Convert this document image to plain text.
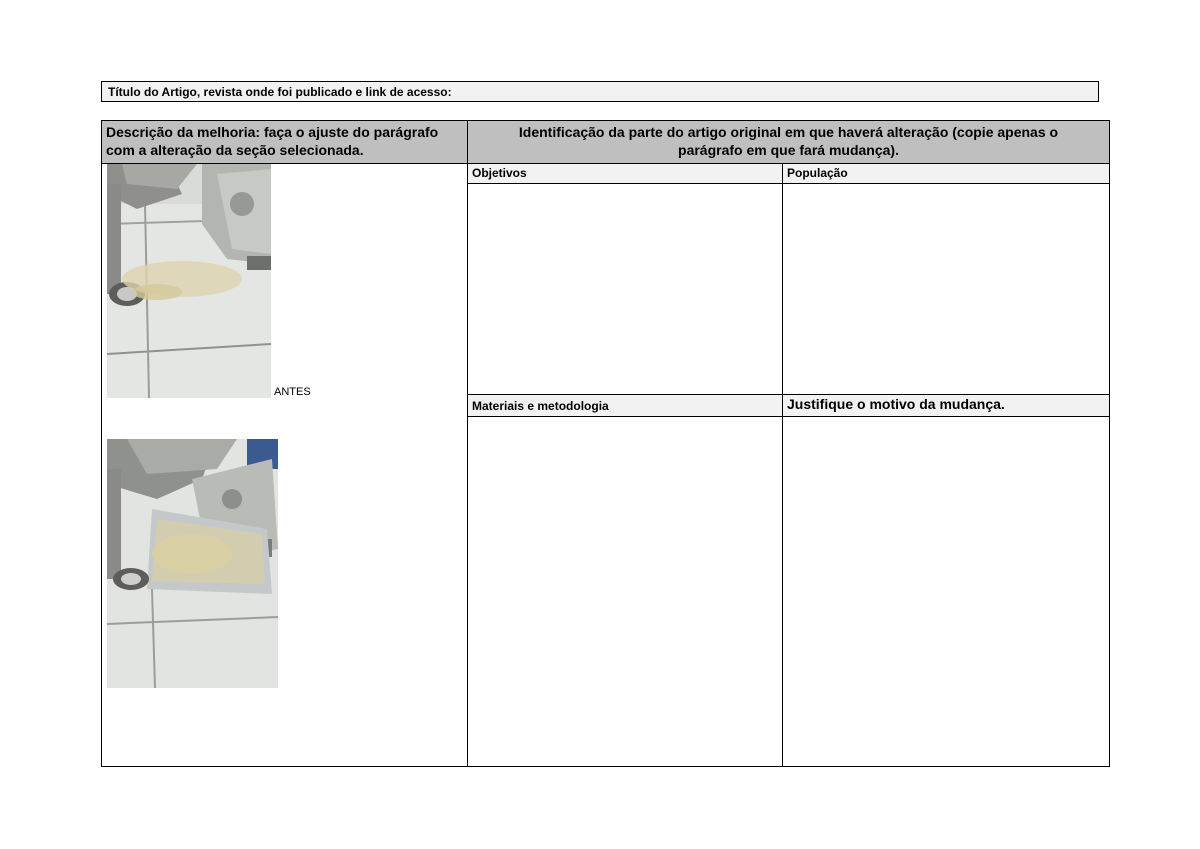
Título do Artigo, revista onde foi publicado e link de acesso:
Descrição da melhoria: faça o ajuste do parágrafo com a alteração da seção selecionada.
Identificação da parte do artigo original em que haverá alteração (copie apenas o parágrafo em que fará mudança).
Objetivos	População
Materiais e metodologia	Justifique o motivo da mudança.
ANTES
